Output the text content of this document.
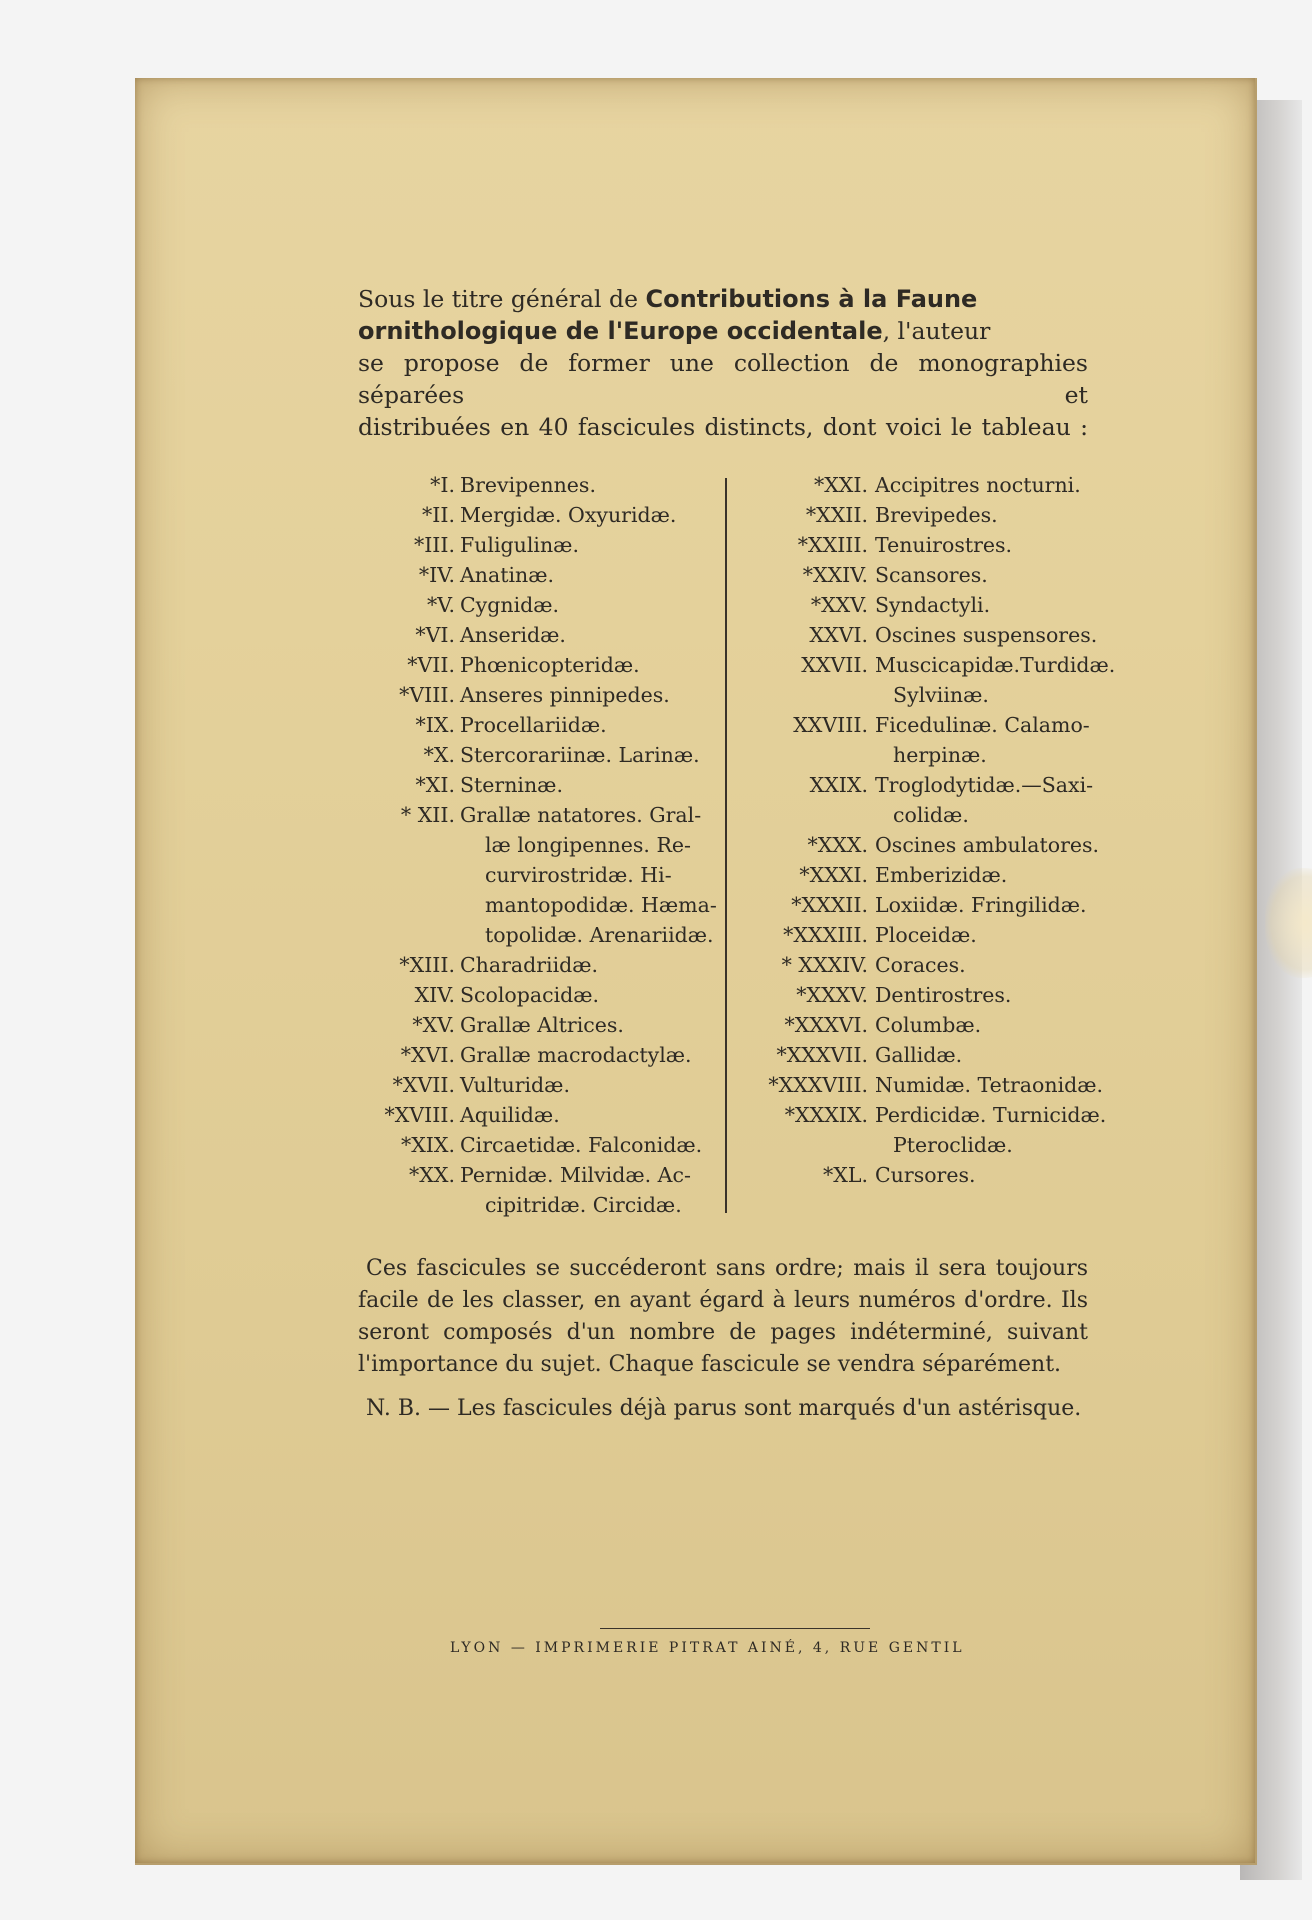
Sous le titre général de Contributions à la Faune
ornithologique de l'Europe occidentale, l'auteur
se propose de former une collection de monographies séparées et
distribuées en 40 fascicules distincts, dont voici le tableau :
*I. Brevipennes.
*II. Mergidæ. Oxyuridæ.
*III. Fuligulinæ.
*IV. Anatinæ.
*V. Cygnidæ.
*VI. Anseridæ.
*VII. Phœnicopteridæ.
*VIII. Anseres pinnipedes.
*IX. Procellariidæ.
*X. Stercorariinæ. Larinæ.
*XI. Sterninæ.
* XII. Grallæ natatores. Gral-
læ longipennes. Re-
curvirostridæ. Hi-
mantopodidæ. Hæma-
topolidæ. Arenariidæ.
*XIII. Charadriidæ.
XIV. Scolopacidæ.
*XV. Grallæ Altrices.
*XVI. Grallæ macrodactylæ.
*XVII. Vulturidæ.
*XVIII. Aquilidæ.
*XIX. Circaetidæ. Falconidæ.
*XX. Pernidæ. Milvidæ. Ac-
cipitridæ. Circidæ.
*XXI. Accipitres nocturni.
*XXII. Brevipedes.
*XXIII. Tenuirostres.
*XXIV. Scansores.
*XXV. Syndactyli.
XXVI. Oscines suspensores.
XXVII. Muscicapidæ.Turdidæ.
Sylviinæ.
XXVIII. Ficedulinæ. Calamo-
herpinæ.
XXIX. Troglodytidæ.—Saxi-
colidæ.
*XXX. Oscines ambulatores.
*XXXI. Emberizidæ.
*XXXII. Loxiidæ. Fringilidæ.
*XXXIII. Ploceidæ.
* XXXIV. Coraces.
*XXXV. Dentirostres.
*XXXVI. Columbæ.
*XXXVII. Gallidæ.
*XXXVIII. Numidæ. Tetraonidæ.
*XXXIX. Perdicidæ. Turnicidæ.
Pteroclidæ.
*XL. Cursores.

Ces fascicules se succéderont sans ordre; mais il sera toujours facile de les classer, en ayant égard à leurs numéros d'ordre. Ils seront composés d'un nombre de pages indéterminé, suivant l'importance du sujet. Chaque fascicule se vendra séparément.

N. B. — Les fascicules déjà parus sont marqués d'un astérisque.

LYON — IMPRIMERIE PITRAT AINÉ, 4, RUE GENTIL
